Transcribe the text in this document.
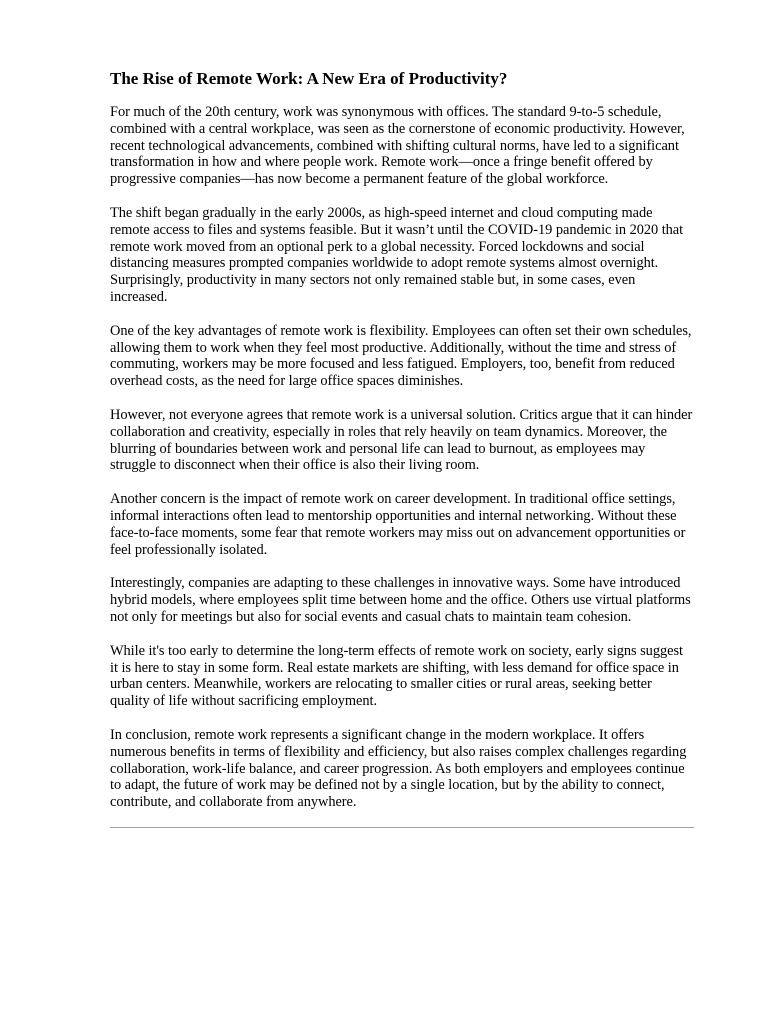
The Rise of Remote Work: A New Era of Productivity?

For much of the 20th century, work was synonymous with offices. The standard 9-to-5 schedule, combined with a central workplace, was seen as the cornerstone of economic productivity. However, recent technological advancements, combined with shifting cultural norms, have led to a significant transformation in how and where people work. Remote work—once a fringe benefit offered by progressive companies—has now become a permanent feature of the global workforce.

The shift began gradually in the early 2000s, as high-speed internet and cloud computing made remote access to files and systems feasible. But it wasn’t until the COVID-19 pandemic in 2020 that remote work moved from an optional perk to a global necessity. Forced lockdowns and social distancing measures prompted companies worldwide to adopt remote systems almost overnight. Surprisingly, productivity in many sectors not only remained stable but, in some cases, even increased.

One of the key advantages of remote work is flexibility. Employees can often set their own schedules, allowing them to work when they feel most productive. Additionally, without the time and stress of commuting, workers may be more focused and less fatigued. Employers, too, benefit from reduced overhead costs, as the need for large office spaces diminishes.

However, not everyone agrees that remote work is a universal solution. Critics argue that it can hinder collaboration and creativity, especially in roles that rely heavily on team dynamics. Moreover, the blurring of boundaries between work and personal life can lead to burnout, as employees may struggle to disconnect when their office is also their living room.

Another concern is the impact of remote work on career development. In traditional office settings, informal interactions often lead to mentorship opportunities and internal networking. Without these face-to-face moments, some fear that remote workers may miss out on advancement opportunities or feel professionally isolated.

Interestingly, companies are adapting to these challenges in innovative ways. Some have introduced hybrid models, where employees split time between home and the office. Others use virtual platforms not only for meetings but also for social events and casual chats to maintain team cohesion.

While it's too early to determine the long-term effects of remote work on society, early signs suggest it is here to stay in some form. Real estate markets are shifting, with less demand for office space in urban centers. Meanwhile, workers are relocating to smaller cities or rural areas, seeking better quality of life without sacrificing employment.

In conclusion, remote work represents a significant change in the modern workplace. It offers numerous benefits in terms of flexibility and efficiency, but also raises complex challenges regarding collaboration, work-life balance, and career progression. As both employers and employees continue to adapt, the future of work may be defined not by a single location, but by the ability to connect, contribute, and collaborate from anywhere.
